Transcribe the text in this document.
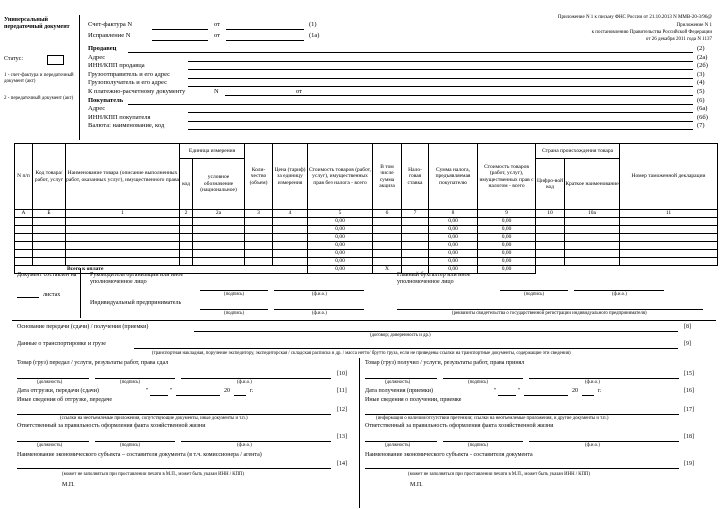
Универсальный передаточный документ
Статус:
1 - счет-фактура и передаточный документ (акт)
2 - передаточный документ (акт)
Приложение N 1 к письму ФНС России от 21.10.2013 N ММВ-20-3/96@
Приложение N 1
к постановлению Правительства Российской Федерации
от 26 декабря 2011 года N 1137
Счет-фактура N	от	(1)
Исправление N	от	(1а)
Продавец	(2)
Адрес	(2а)
ИНН/КПП продавца	(2б)
Грузоотправитель и его адрес	(3)
Грузополучатель и его адрес	(4)
К платежно-расчетному документу	(5)
N	от
Покупатель	(6)
Адрес	(6а)
ИНН/КПП покупателя	(6б)
Валюта: наименование, код	(7)
N п/п	Код товара/ работ, услуг	Наименование товара (описание выполненных работ, оказанных услуг), имущественного права	Единица измерения		Коли-чество (объем)	Цена (тариф) за единицу измерения	Стоимость товаров (работ, услуг), имущественных прав без налога - всего	В том числе сумма акциза	Нало-говая ставка	Сумма налога, предъявляемая покупателю	Стоимость товаров (работ, услуг), имущественных прав с налогом - всего	Страна происхождения товара		Номер таможенной декларации
			код	условное обозначение (национальное)								Цифро-вой код	Краткое наименование	
А	Б	1	2	2а	3	4	5	6	7	8	9	10	10а	11
							0,00			0,00	0,00			
							0,00			0,00	0,00			
							0,00			0,00	0,00			
							0,00			0,00	0,00			
							0,00			0,00	0,00			
							0,00			0,00	0,00			
Всего к оплате							0,00	X		0,00	0,00			
Документ составлен на
листах
Руководитель организации или иное уполномоченное лицо
(подпись)	(ф.и.о.)
Главный бухгалтер или иное уполномоченное лицо
(подпись)	(ф.и.о.)
Индивидуальный предприниматель
(подпись)	(ф.и.о.)	(реквизиты свидетельства о государственной регистрации индивидуального предпринимателя)
Основание передачи (сдачи) / получения (приемки)	[8]
(договор; доверенность и др.)
Данные о транспортировке и грузе	[9]
(транспортная накладная, поручение экспедитору, экспедиторская / складская расписка и др. / масса нетто/ брутто груза, если не приведены ссылки на транспортные документы, содержащие эти сведения)
Товар (груз) передал / услуги, результаты работ, права сдал
[10]
(должность)	(подпись)	(ф.и.о.)
Дата отгрузки, передачи (сдачи)	"	"	20	г.	[11]
Иные сведения об отгрузке, передаче
[12]
(ссылки на неотъемлемые приложения, сопутствующие документы, иные документы и т.п.)
Ответственный за правильность оформления факта хозяйственной жизни
[13]
(должность)	(подпись)	(ф.и.о.)
Наименование экономического субъекта – составителя документа (в т.ч. комиссионера / агента)
[14]
(может не заполняться при проставлении печати в М.П., может быть указан ИНН / КПП)
М.П.
Товар (груз) получил / услуги, результаты работ, права принял
[15]
(должность)	(подпись)	(ф.и.о.)
Дата получения (приемки)	"	"	20	г.	[16]
Иные сведения о получении, приемке
[17]
(информация о наличии/отсутствии претензии; ссылки на неотъемлемые приложения, и другие документы и т.п.)
Ответственный за правильность оформления факта хозяйственной жизни
[18]
(должность)	(подпись)	(ф.и.о.)
Наименование экономического субъекта - составителя документа
[19]
(может не заполняться при проставлении печати в М.П., может быть указан ИНН / КПП)
М.П.
